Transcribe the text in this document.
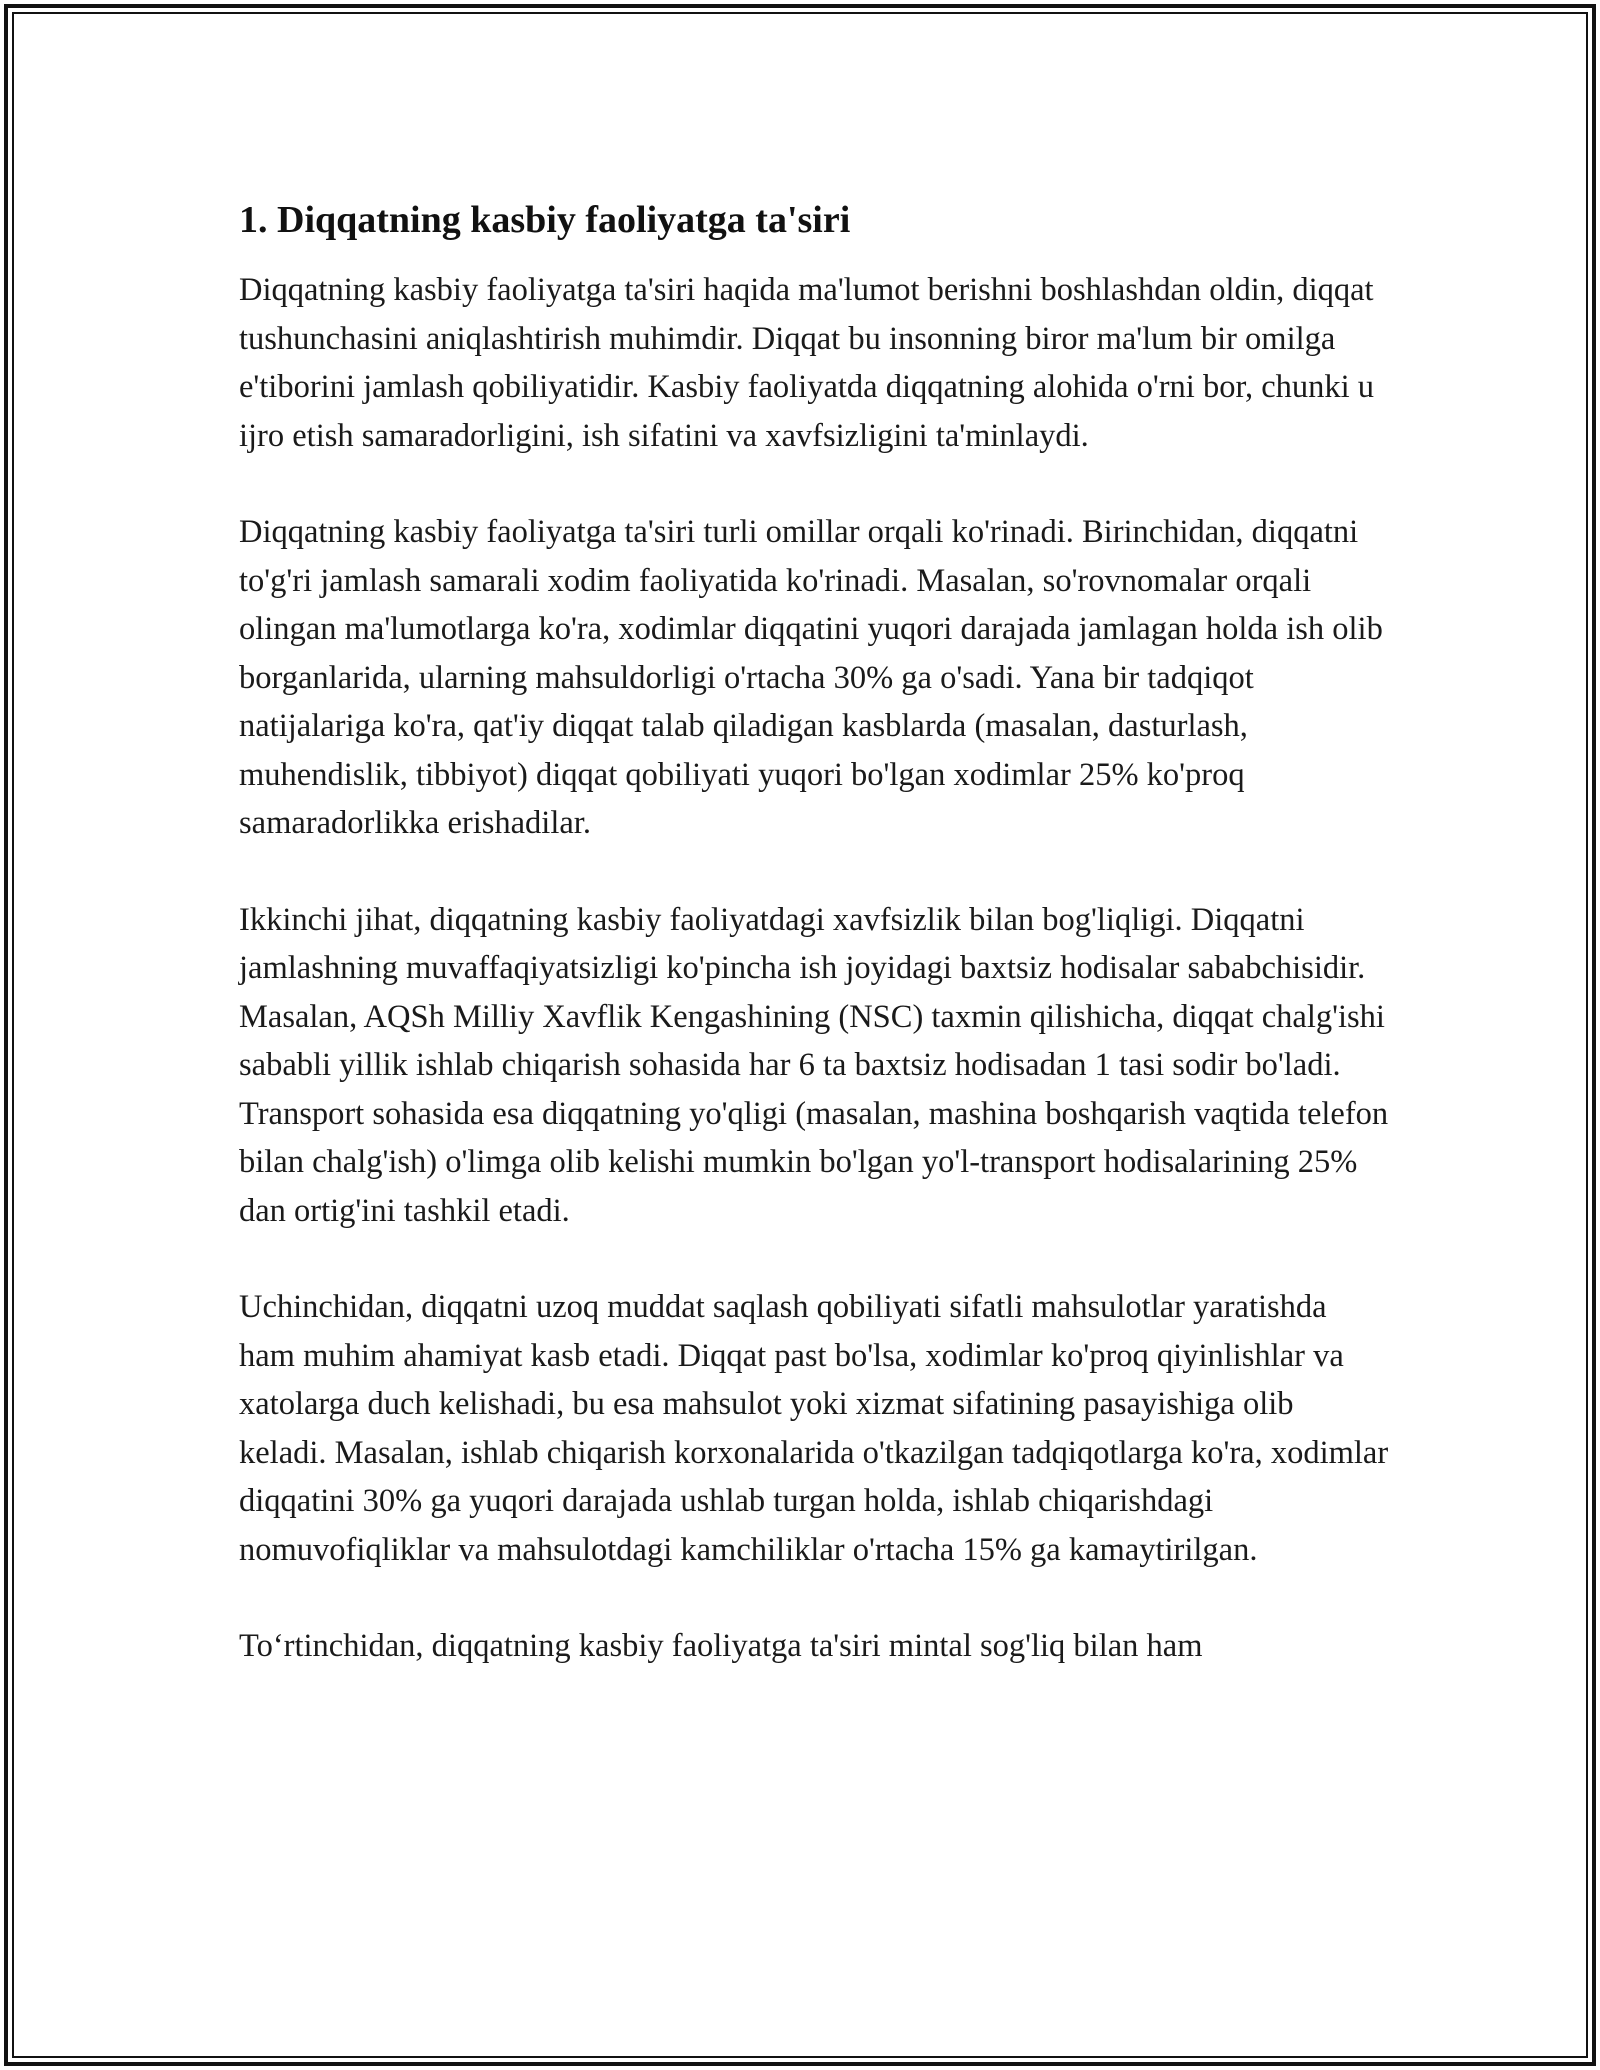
1. Diqqatning kasbiy faoliyatga ta'siri

Diqqatning kasbiy faoliyatga ta'siri haqida ma'lumot berishni boshlashdan oldin, diqqat tushunchasini aniqlashtirish muhimdir. Diqqat bu insonning biror ma'lum bir omilga e'tiborini jamlash qobiliyatidir. Kasbiy faoliyatda diqqatning alohida o'rni bor, chunki u ijro etish samaradorligini, ish sifatini va xavfsizligini ta'minlaydi.

Diqqatning kasbiy faoliyatga ta'siri turli omillar orqali ko'rinadi. Birinchidan, diqqatni to'g'ri jamlash samarali xodim faoliyatida ko'rinadi. Masalan, so'rovnomalar orqali olingan ma'lumotlarga ko'ra, xodimlar diqqatini yuqori darajada jamlagan holda ish olib borganlarida, ularning mahsuldorligi o'rtacha 30% ga o'sadi. Yana bir tadqiqot natijalariga ko'ra, qat'iy diqqat talab qiladigan kasblarda (masalan, dasturlash, muhendislik, tibbiyot) diqqat qobiliyati yuqori bo'lgan xodimlar 25% ko'proq samaradorlikka erishadilar.

Ikkinchi jihat, diqqatning kasbiy faoliyatdagi xavfsizlik bilan bog'liqligi. Diqqatni jamlashning muvaffaqiyatsizligi ko'pincha ish joyidagi baxtsiz hodisalar sababchisidir. Masalan, AQSh Milliy Xavflik Kengashining (NSC) taxmin qilishicha, diqqat chalg'ishi sababli yillik ishlab chiqarish sohasida har 6 ta baxtsiz hodisadan 1 tasi sodir bo'ladi. Transport sohasida esa diqqatning yo'qligi (masalan, mashina boshqarish vaqtida telefon bilan chalg'ish) o'limga olib kelishi mumkin bo'lgan yo'l-transport hodisalarining 25% dan ortig'ini tashkil etadi.

Uchinchidan, diqqatni uzoq muddat saqlash qobiliyati sifatli mahsulotlar yaratishda ham muhim ahamiyat kasb etadi. Diqqat past bo'lsa, xodimlar ko'proq qiyinlishlar va xatolarga duch kelishadi, bu esa mahsulot yoki xizmat sifatining pasayishiga olib keladi. Masalan, ishlab chiqarish korxonalarida o'tkazilgan tadqiqotlarga ko'ra, xodimlar diqqatini 30% ga yuqori darajada ushlab turgan holda, ishlab chiqarishdagi nomuvofiqliklar va mahsulotdagi kamchiliklar o'rtacha 15% ga kamaytirilgan.

To‘rtinchidan, diqqatning kasbiy faoliyatga ta'siri mintal sog'liq bilan ham
